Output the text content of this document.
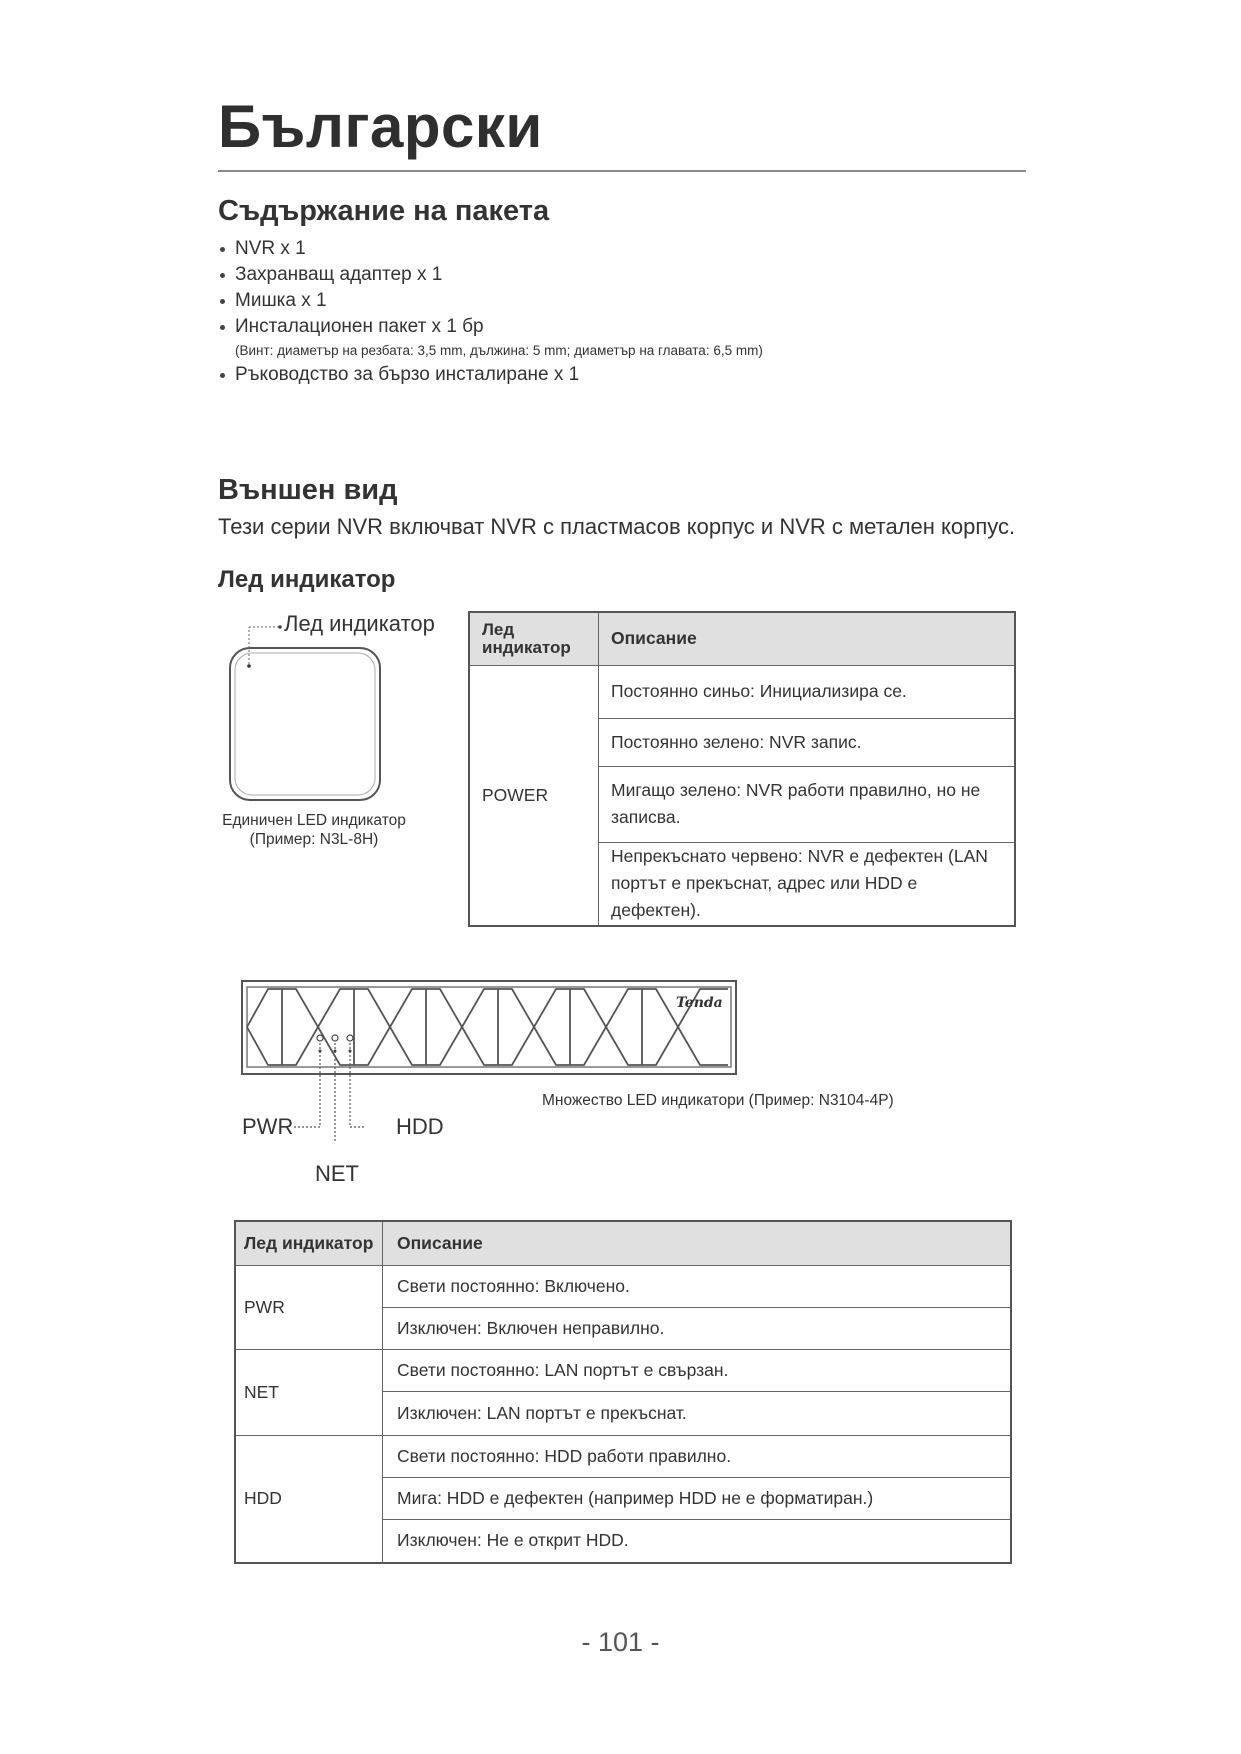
Български
Съдържание на пакета
NVR x 1
Захранващ адаптер x 1
Мишка x 1
Инсталационен пакет x 1 бр
(Винт: диаметър на резбата: 3,5 mm, дължина: 5 mm; диаметър на главата: 6,5 mm)
Ръководство за бързо инсталиране x 1
Външен вид
Тези серии NVR включват NVR с пластмасов корпус и NVR с метален корпус.
Лед индикатор
Лед индикатор
Единичен LED индикатор
(Пример: N3L-8H)
Лед индикатор	Описание
POWER	Постоянно синьо: Инициализира се.
	Постоянно зелено: NVR запис.
	Мигащо зелено: NVR работи правилно, но не записва.
	Непрекъснато червено: NVR е дефектен (LAN портът е прекъснат, адрес или HDD е дефектен).
Tenda
PWR	HDD
NET
Множество LED индикатори (Пример: N3104-4P)
Лед индикатор	Описание
PWR	Свети постоянно: Включено.
	Изключен: Включен неправилно.
NET	Свети постоянно: LAN портът е свързан.
	Изключен: LAN портът е прекъснат.
HDD	Свети постоянно: HDD работи правилно.
	Мига: HDD е дефектен (например HDD не е форматиран.)
	Изключен: Не е открит HDD.
- 101 -
